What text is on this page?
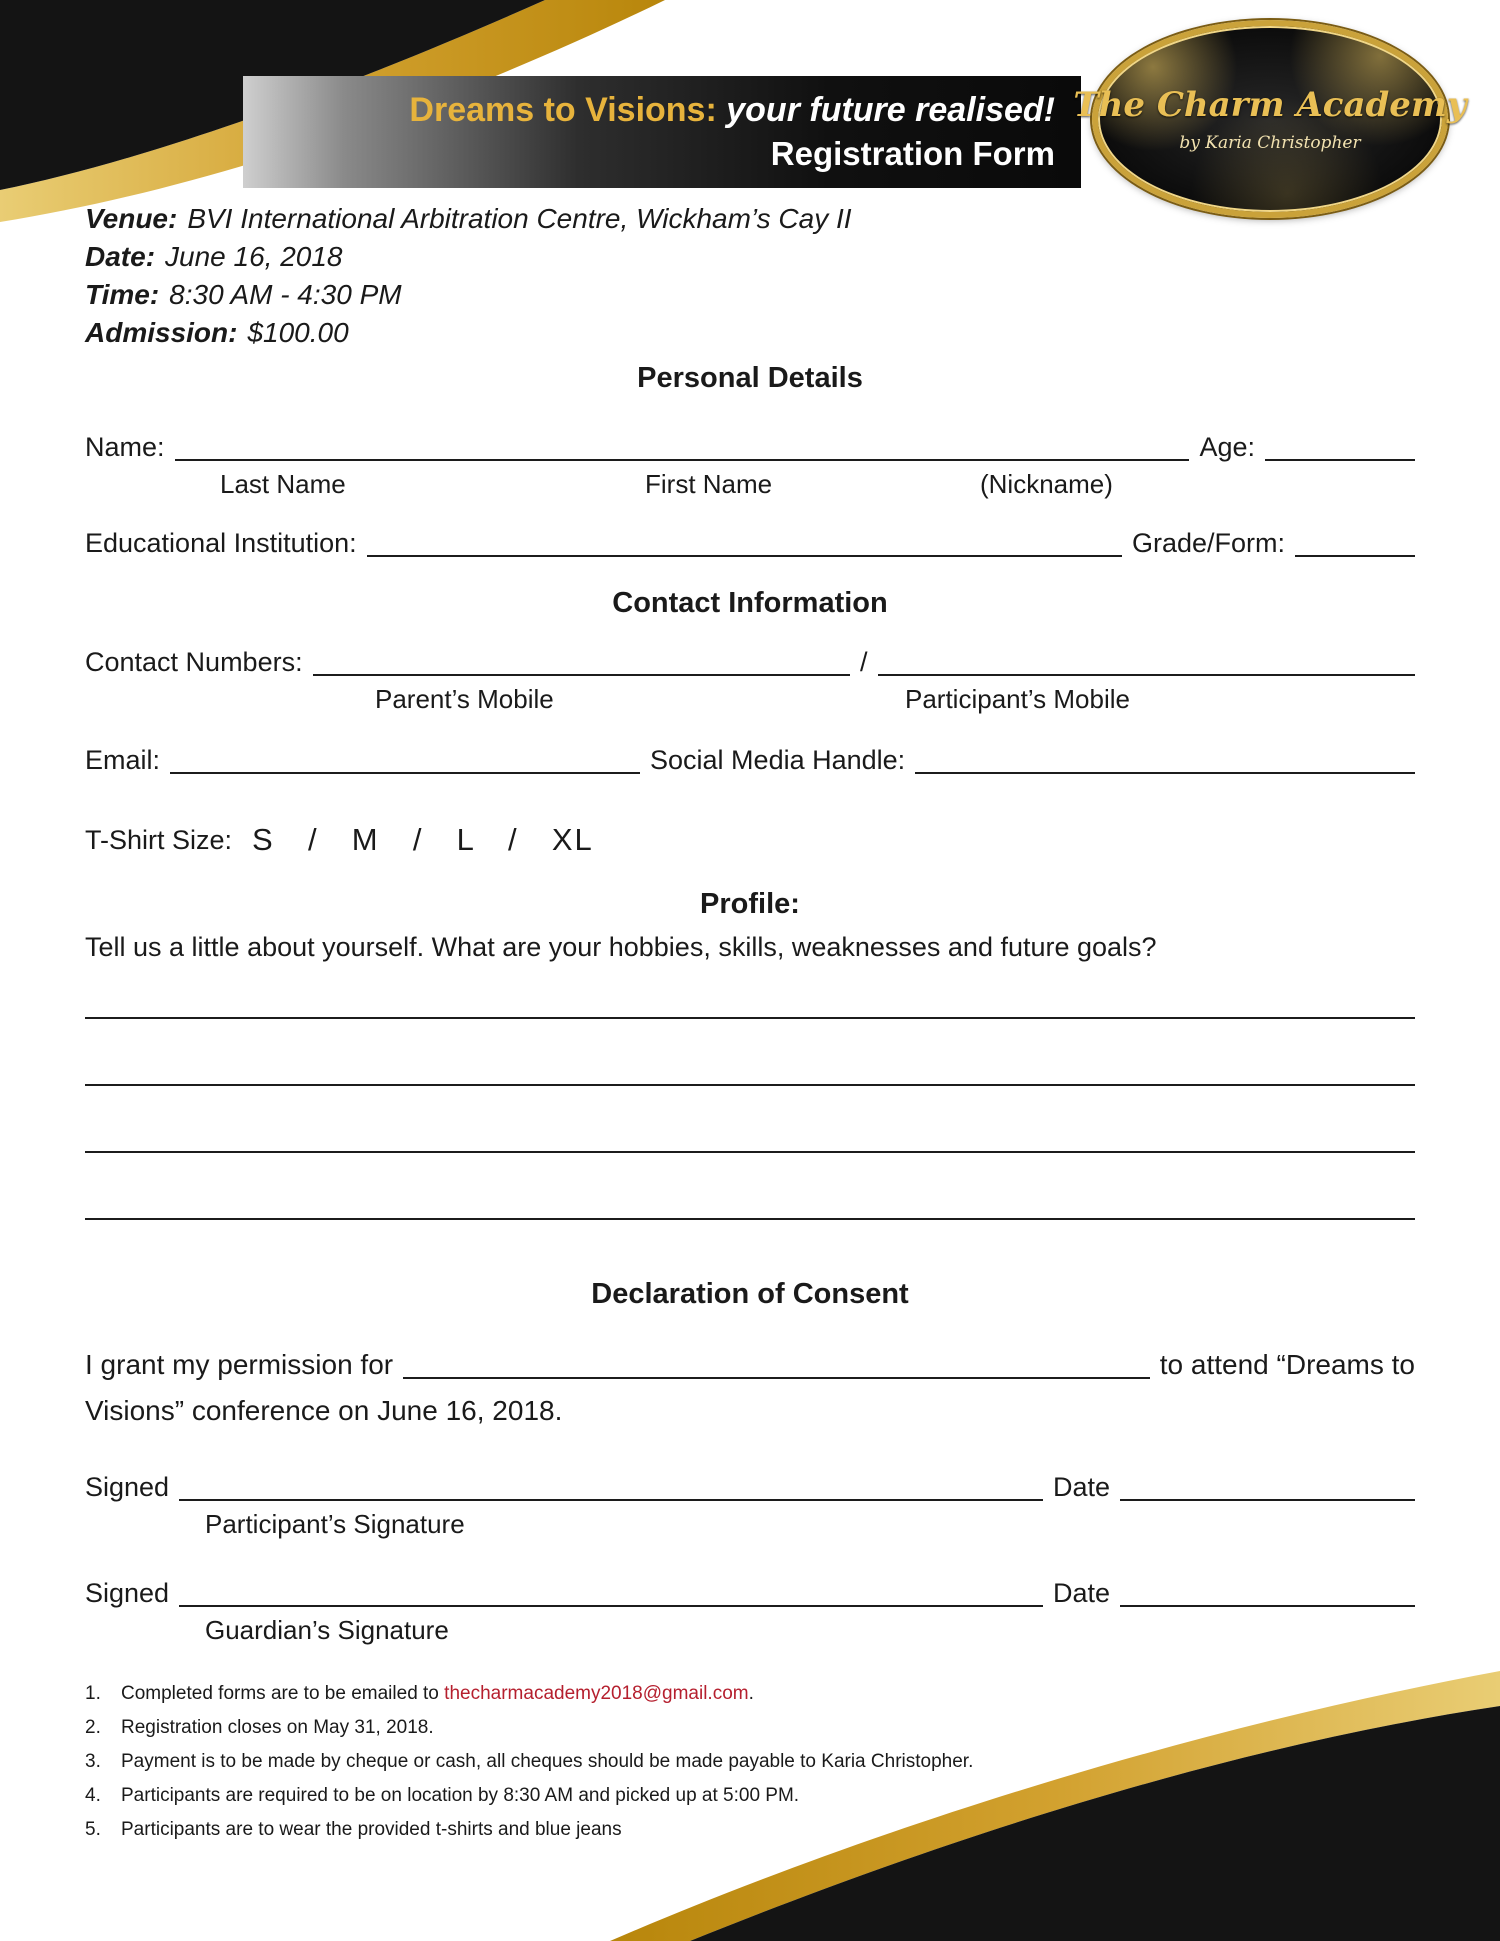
Dreams to Visions: your future realised!
Registration Form
The Charm Academy
by Karia Christopher
Venue: BVI International Arbitration Centre, Wickham’s Cay II
Date: June 16, 2018
Time: 8:30 AM - 4:30 PM
Admission: $100.00
Personal Details
Name:	Age:
Last Name	First Name	(Nickname)
Educational Institution:	Grade/Form:
Contact Information
Contact Numbers:	/
Parent’s Mobile	Participant’s Mobile
Email:	Social Media Handle:
T-Shirt Size: S  /  M  /  L  /  XL
Profile:
Tell us a little about yourself. What are your hobbies, skills, weaknesses and future goals?
Declaration of Consent
I grant my permission for	to attend “Dreams to
Visions” conference on June 16, 2018.
Signed	Date
Participant’s Signature
Signed	Date
Guardian’s Signature
1.	Completed forms are to be emailed to thecharmacademy2018@gmail.com.
2.	Registration closes on May 31, 2018.
3.	Payment is to be made by cheque or cash, all cheques should be made payable to Karia Christopher.
4.	Participants are required to be on location by 8:30 AM and picked up at 5:00 PM.
5.	Participants are to wear the provided t-shirts and blue jeans
